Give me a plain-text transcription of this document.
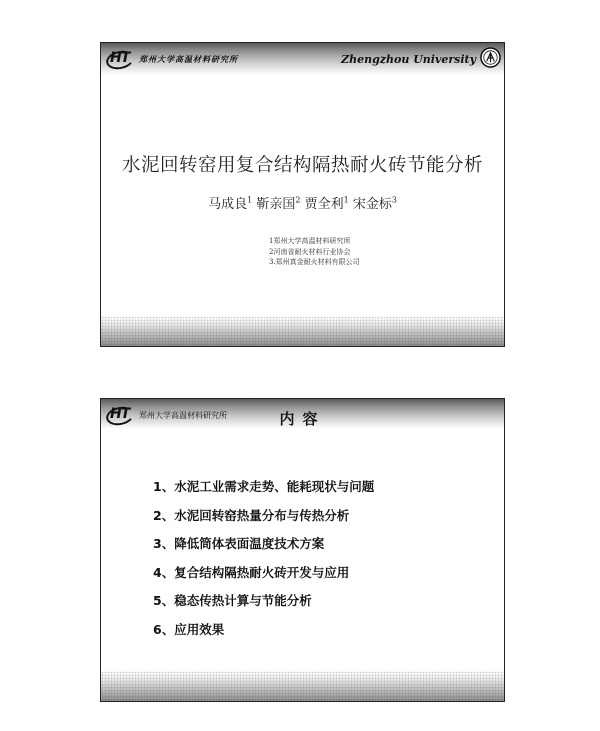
HT 郑州大学高温材料研究所	Zhengzhou University
水泥回转窑用复合结构隔热耐火砖节能分析
马成良$^1$ 靳亲国$^2$ 贾全利$^1$ 宋金标$^3$
1郑州大学高温材料研究所
2河南省耐火材料行业协会
3.郑州真金耐火材料有限公司
HT 郑州大学高温材料研究所	内容
1、水泥工业需求走势、能耗现状与问题
2、水泥回转窑热量分布与传热分析
3、降低筒体表面温度技术方案
4、复合结构隔热耐火砖开发与应用
5、稳态传热计算与节能分析
6、应用效果
